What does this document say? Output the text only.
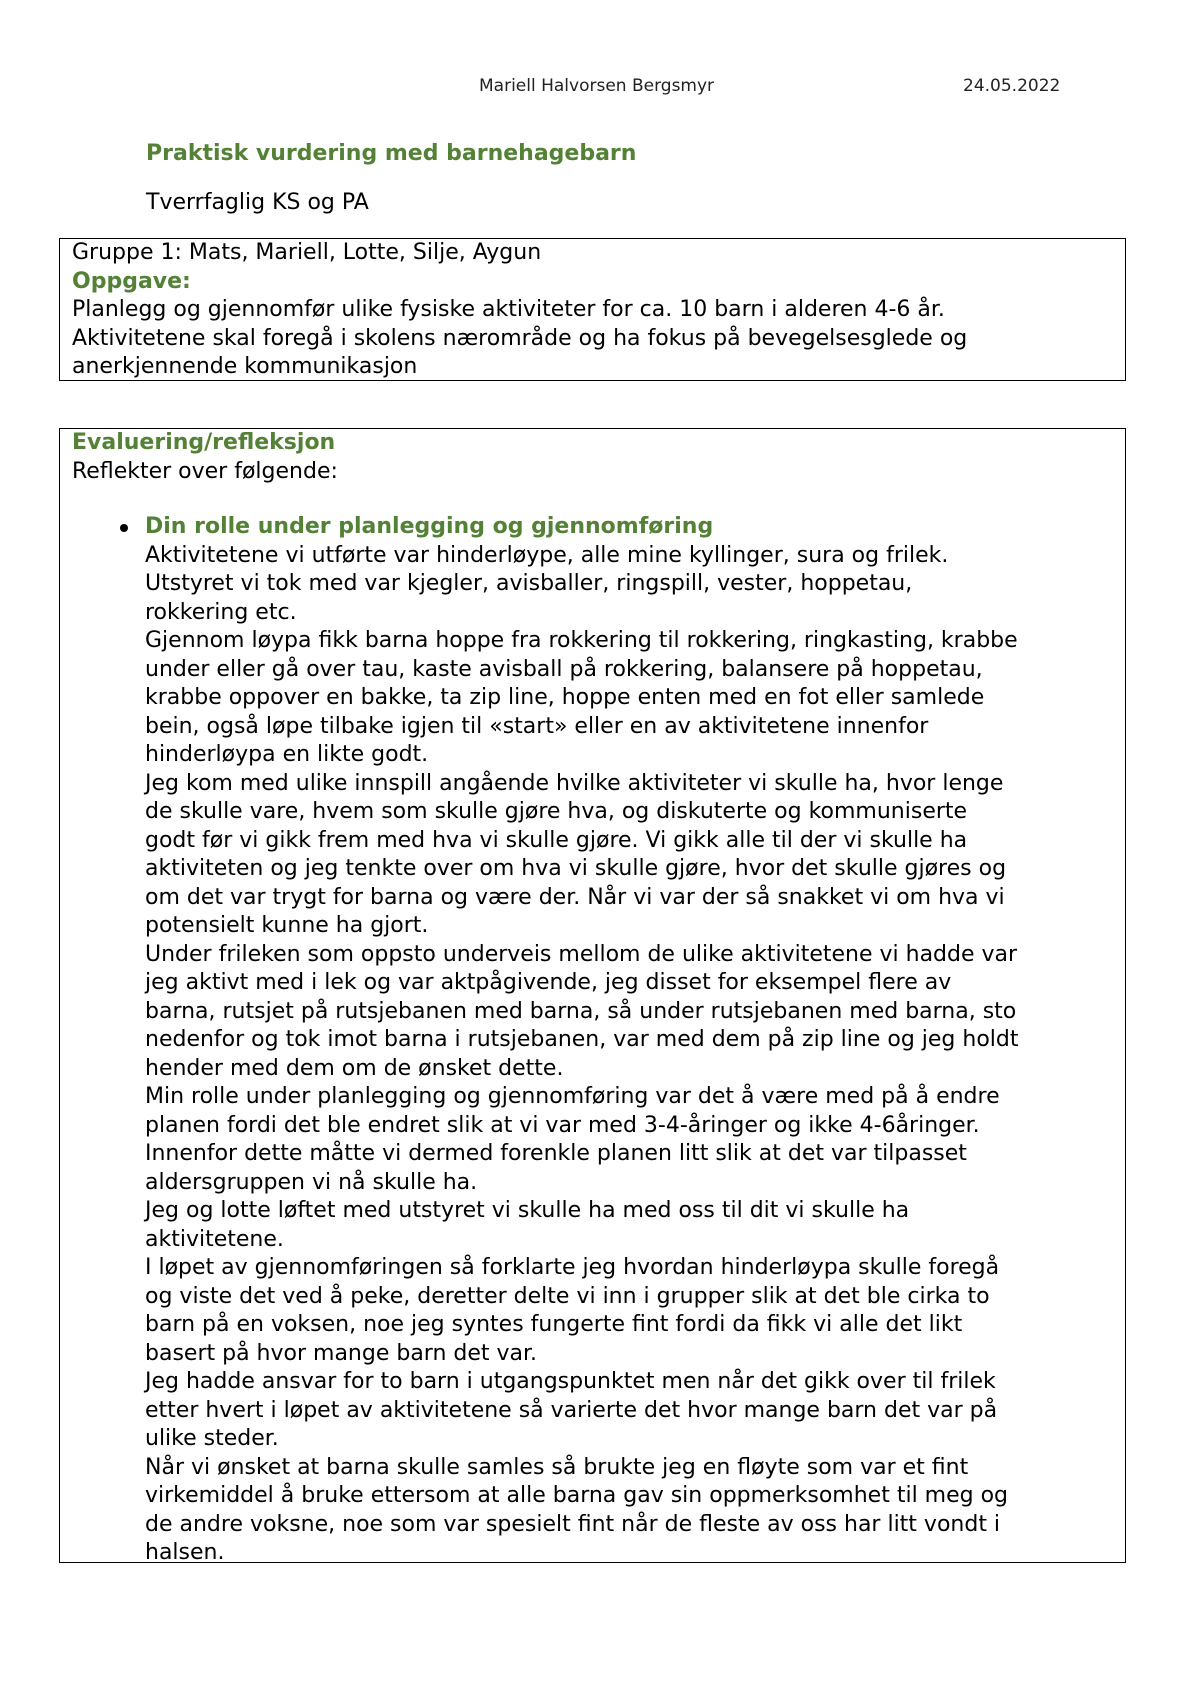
Mariell Halvorsen Bergsmyr	24.05.2022
Praktisk vurdering med barnehagebarn
Tverrfaglig KS og PA
Gruppe 1: Mats, Mariell, Lotte, Silje, Aygun
Oppgave:
Planlegg og gjennomfør ulike fysiske aktiviteter for ca. 10 barn i alderen 4-6 år.
Aktivitetene skal foregå i skolens nærområde og ha fokus på bevegelsesglede og
anerkjennende kommunikasjon
Evaluering/refleksjon
Reflekter over følgende:
Din rolle under planlegging og gjennomføring
Aktivitetene vi utførte var hinderløype, alle mine kyllinger, sura og frilek.
Utstyret vi tok med var kjegler, avisballer, ringspill, vester, hoppetau,
rokkering etc.
Gjennom løypa fikk barna hoppe fra rokkering til rokkering, ringkasting, krabbe
under eller gå over tau, kaste avisball på rokkering, balansere på hoppetau,
krabbe oppover en bakke, ta zip line, hoppe enten med en fot eller samlede
bein, også løpe tilbake igjen til «start» eller en av aktivitetene innenfor
hinderløypa en likte godt.
Jeg kom med ulike innspill angående hvilke aktiviteter vi skulle ha, hvor lenge
de skulle vare, hvem som skulle gjøre hva, og diskuterte og kommuniserte
godt før vi gikk frem med hva vi skulle gjøre. Vi gikk alle til der vi skulle ha
aktiviteten og jeg tenkte over om hva vi skulle gjøre, hvor det skulle gjøres og
om det var trygt for barna og være der. Når vi var der så snakket vi om hva vi
potensielt kunne ha gjort.
Under frileken som oppsto underveis mellom de ulike aktivitetene vi hadde var
jeg aktivt med i lek og var aktpågivende, jeg disset for eksempel flere av
barna, rutsjet på rutsjebanen med barna, så under rutsjebanen med barna, sto
nedenfor og tok imot barna i rutsjebanen, var med dem på zip line og jeg holdt
hender med dem om de ønsket dette.
Min rolle under planlegging og gjennomføring var det å være med på å endre
planen fordi det ble endret slik at vi var med 3-4-åringer og ikke 4-6åringer.
Innenfor dette måtte vi dermed forenkle planen litt slik at det var tilpasset
aldersgruppen vi nå skulle ha.
Jeg og lotte løftet med utstyret vi skulle ha med oss til dit vi skulle ha
aktivitetene.
I løpet av gjennomføringen så forklarte jeg hvordan hinderløypa skulle foregå
og viste det ved å peke, deretter delte vi inn i grupper slik at det ble cirka to
barn på en voksen, noe jeg syntes fungerte fint fordi da fikk vi alle det likt
basert på hvor mange barn det var.
Jeg hadde ansvar for to barn i utgangspunktet men når det gikk over til frilek
etter hvert i løpet av aktivitetene så varierte det hvor mange barn det var på
ulike steder.
Når vi ønsket at barna skulle samles så brukte jeg en fløyte som var et fint
virkemiddel å bruke ettersom at alle barna gav sin oppmerksomhet til meg og
de andre voksne, noe som var spesielt fint når de fleste av oss har litt vondt i
halsen.
